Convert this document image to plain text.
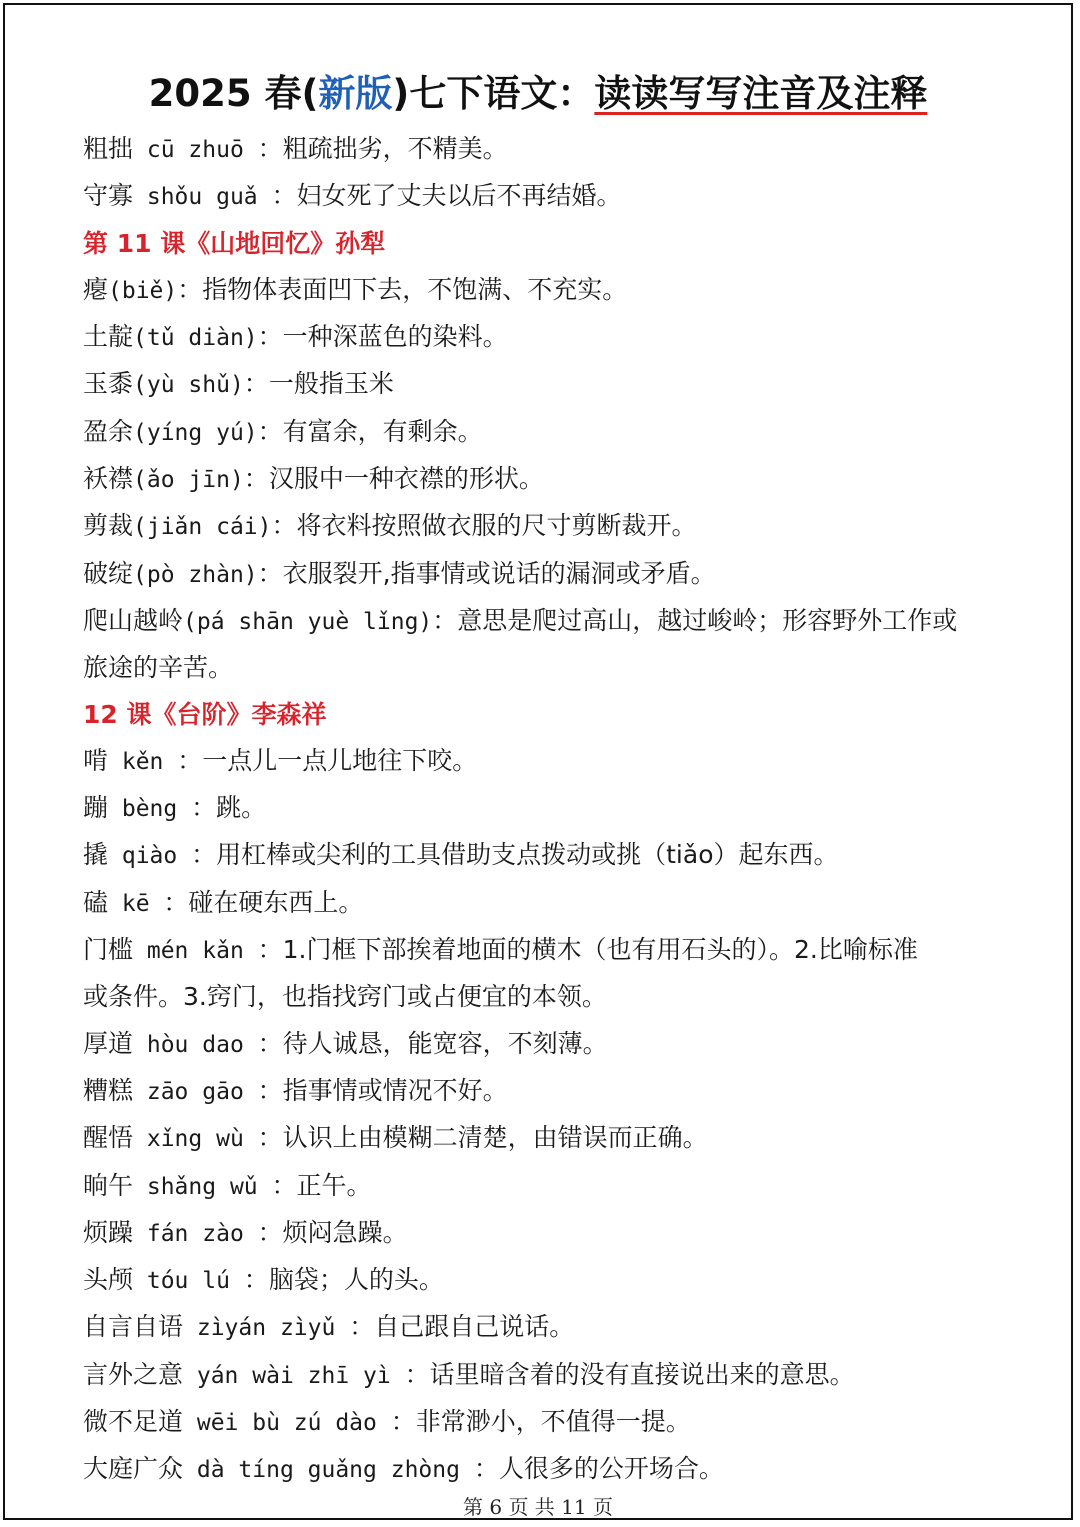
2025 春(新版)七下语文：读读写写注音及注释
粗拙 cū zhuō ：粗疏拙劣，不精美。
守寡 shǒu guǎ ：妇女死了丈夫以后不再结婚。
第 11 课《山地回忆》孙犁
瘪(biě)：指物体表面凹下去，不饱满、不充实。
土靛(tǔ diàn)：一种深蓝色的染料。
玉黍(yù shǔ)：一般指玉米
盈余(yíng yú)：有富余，有剩余。
袄襟(ǎo jīn)：汉服中一种衣襟的形状。
剪裁(jiǎn cái)：将衣料按照做衣服的尺寸剪断裁开。
破绽(pò zhàn)：衣服裂开,指事情或说话的漏洞或矛盾。
爬山越岭(pá shān yuè lǐng)：意思是爬过高山，越过峻岭；形容野外工作或
旅途的辛苦。
12 课《台阶》李森祥
啃 kěn ：一点儿一点儿地往下咬。
蹦 bèng ：跳。
撬 qiào ：用杠棒或尖利的工具借助支点拨动或挑（tiǎo）起东西。
磕 kē ：碰在硬东西上。
门槛 mén kǎn ：1.门框下部挨着地面的横木（也有用石头的）。2.比喻标准
或条件。3.窍门，也指找窍门或占便宜的本领。
厚道 hòu dao ：待人诚恳，能宽容，不刻薄。
糟糕 zāo gāo ：指事情或情况不好。
醒悟 xǐng wù ：认识上由模糊二清楚，由错误而正确。
晌午 shǎng wǔ ：正午。
烦躁 fán zào ：烦闷急躁。
头颅 tóu lú ：脑袋；人的头。
自言自语 zìyán zìyǔ ：自己跟自己说话。
言外之意 yán wài zhī yì ：话里暗含着的没有直接说出来的意思。
微不足道 wēi bù zú dào ：非常渺小，不值得一提。
大庭广众 dà tíng guǎng zhòng ：人很多的公开场合。
第 6 页 共 11 页
